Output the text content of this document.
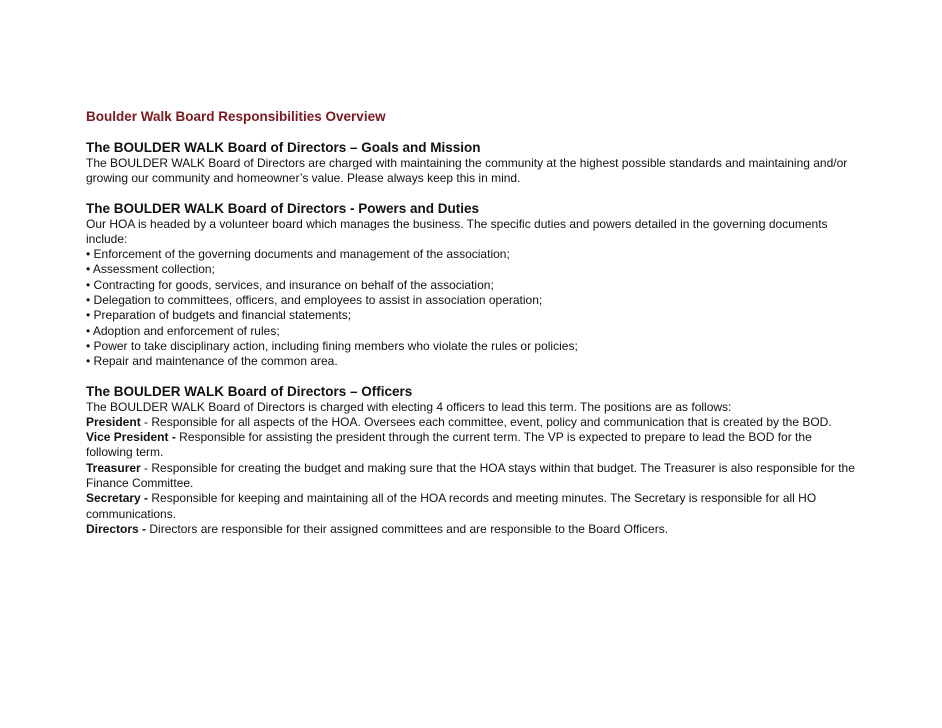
Boulder Walk Board Responsibilities Overview
The BOULDER WALK Board of Directors – Goals and Mission

The BOULDER WALK Board of Directors are charged with maintaining the community at the highest possible standards and maintaining and/or growing our community and homeowner’s value. Please always keep this in mind.

The BOULDER WALK Board of Directors - Powers and Duties

Our HOA is headed by a volunteer board which manages the business. The specific duties and powers detailed in the governing documents include:

• Enforcement of the governing documents and management of the association;
• Assessment collection;
• Contracting for goods, services, and insurance on behalf of the association;
• Delegation to committees, officers, and employees to assist in association operation;
• Preparation of budgets and financial statements;
• Adoption and enforcement of rules;
• Power to take disciplinary action, including fining members who violate the rules or policies;
• Repair and maintenance of the common area.
The BOULDER WALK Board of Directors – Officers

The BOULDER WALK Board of Directors is charged with electing 4 officers to lead this term. The positions are as follows:

President - Responsible for all aspects of the HOA. Oversees each committee, event, policy and communication that is created by the BOD.

Vice President - Responsible for assisting the president through the current term. The VP is expected to prepare to lead the BOD for the following term.

Treasurer - Responsible for creating the budget and making sure that the HOA stays within that budget. The Treasurer is also responsible for the Finance Committee.

Secretary - Responsible for keeping and maintaining all of the HOA records and meeting minutes. The Secretary is responsible for all HO communications.

Directors - Directors are responsible for their assigned committees and are responsible to the Board Officers.
